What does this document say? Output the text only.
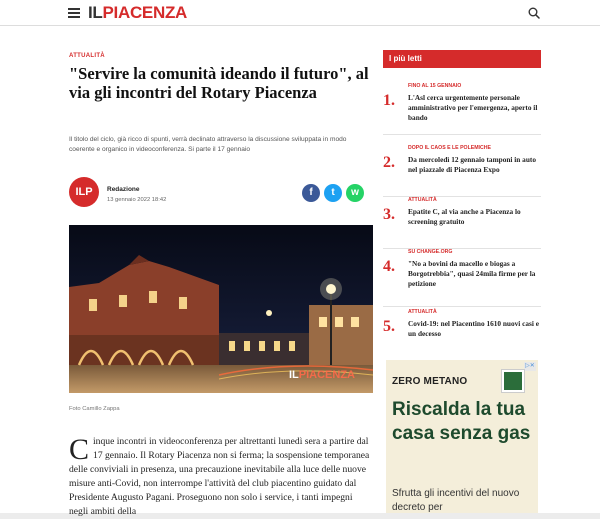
ILPIACENZA
ATTUALITÀ
"Servire la comunità ideando il futuro", al via gli incontri del Rotary Piacenza

Il titolo del ciclo, già ricco di spunti, verrà declinato attraverso la discussione sviluppata in modo coerente e organico in videoconferenza. Si parte il 17 gennaio

ILP	Redazione
13 gennaio 2022 18:42
f	t	w
ILPIACENZA
Foto Camillo Zappa
Cinque incontri in videoconferenza per altrettanti lunedì sera a partire dal 17 gennaio. Il Rotary Piacenza non si ferma; la sospensione temporanea delle conviviali in presenza, una precauzione inevitabile alla luce delle nuove misure anti-Covid, non interrompe l'attività del club piacentino guidato dal Presidente Augusto Pagani. Proseguono non solo i service, i tanti impegni negli ambiti della
I più letti
1.
FINO AL 15 GENNAIO
L'Asl cerca urgentemente personale amministrativo per l'emergenza, aperto il bando
2.
DOPO IL CAOS E LE POLEMICHE
Da mercoledì 12 gennaio tamponi in auto nel piazzale di Piacenza Expo
3.
ATTUALITÀ
Epatite C, al via anche a Piacenza lo screening gratuito
4.
SU CHANGE.ORG
"No a bovini da macello e biogas a Borgotrebbia", quasi 24mila firme per la petizione
5.
ATTUALITÀ
Covid-19: nel Piacentino 1610 nuovi casi e un decesso
▷✕
ZERO METANO
Riscalda la tua casa senza gas
Sfrutta gli incentivi del nuovo decreto per
